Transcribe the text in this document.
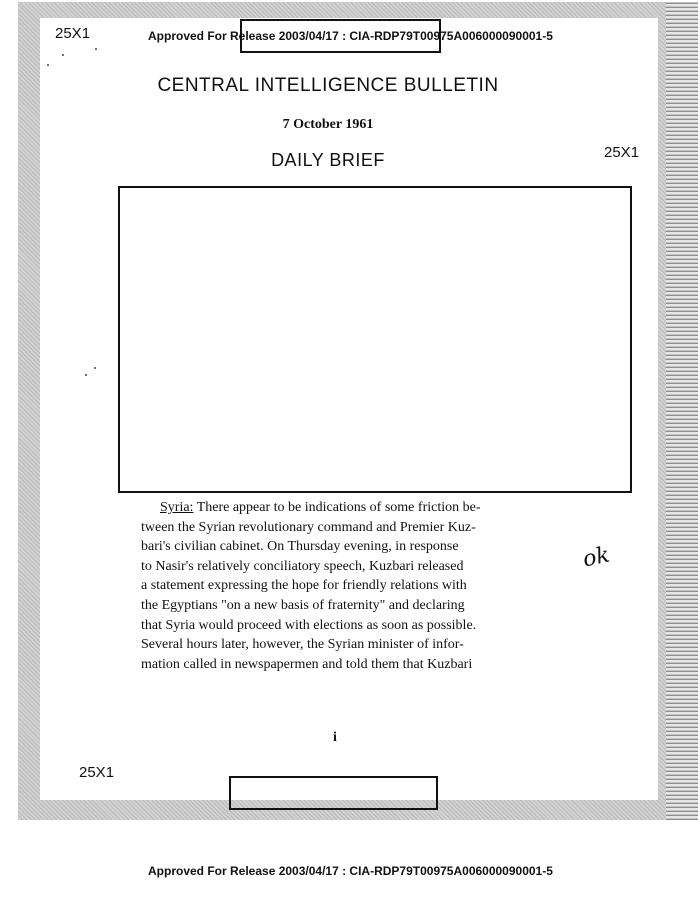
25X1	Approved For Release 2003/04/17 : CIA-RDP79T00975A006000090001-5
CENTRAL INTELLIGENCE BULLETIN
7 October 1961
DAILY BRIEF	25X1
Syria: There appear to be indications of some friction be-
tween the Syrian revolutionary command and Premier Kuz-
bari's civilian cabinet. On Thursday evening, in response
to Nasir's relatively conciliatory speech, Kuzbari released
a statement expressing the hope for friendly relations with
the Egyptians "on a new basis of fraternity" and declaring
that Syria would proceed with elections as soon as possible.
Several hours later, however, the Syrian minister of infor-
mation called in newspapermen and told them that Kuzbari
ok
i
25X1
Approved For Release 2003/04/17 : CIA-RDP79T00975A006000090001-5
